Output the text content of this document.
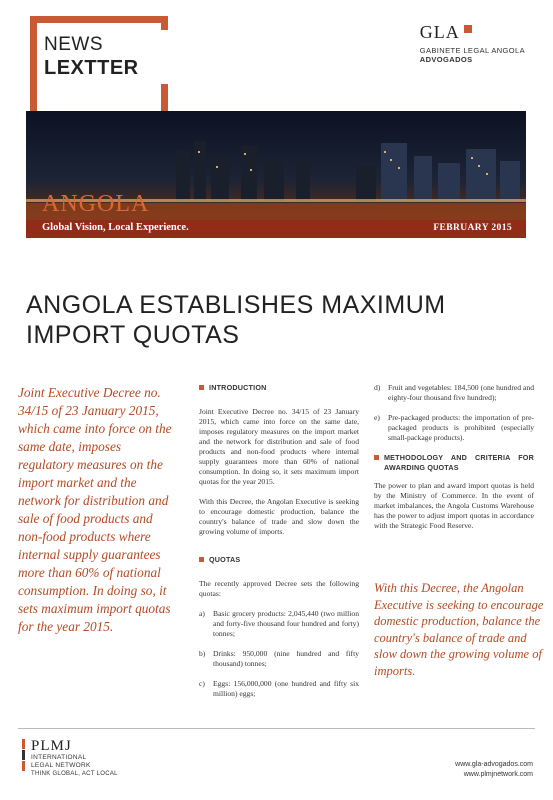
NEWS
LEXTTER
GLA
GABINETE LEGAL ANGOLA
ADVOGADOS
ANGOLA
Global Vision, Local Experience.	FEBRUARY 2015
ANGOLA ESTABLISHES MAXIMUM
IMPORT QUOTAS
Joint Executive Decree no. 34/15 of 23 January 2015, which came into force on the same date, imposes regulatory measures on the import market and the network for distribution and sale of food products and non-food products where internal supply guarantees more than 60% of national consumption. In doing so, it sets maximum import quotas for the year 2015.
INTRODUCTION

Joint Executive Decree no. 34/15 of 23 January 2015, which came into force on the same date, imposes regulatory measures on the import market and the network for distribution and sale of food products and non-food products where internal supply guarantees more than 60% of national consumption. In doing so, it sets maximum import quotas for the year 2015.

With this Decree, the Angolan Executive is seeking to encourage domestic production, balance the country's balance of trade and slow down the growing volume of imports.

QUOTAS

The recently approved Decree sets the following quotas:

a)	Basic grocery products: 2,045,440 (two million and forty-five thousand four hundred and forty) tonnes;
b)	Drinks: 950,000 (nine hundred and fifty thousand) tonnes;
c)	Eggs: 156,000,000 (one hundred and fifty six million) eggs;
d)	Fruit and vegetables: 184,500 (one hundred and eighty-four thousand five hundred);
e)	Pre-packaged products: the importation of pre-packaged products is prohibited (especially small-package products).
METHODOLOGY AND CRITERIA FOR AWARDING QUOTAS

The power to plan and award import quotas is held by the Ministry of Commerce. In the event of market imbalances, the Angola Customs Warehouse has the power to adjust import quotas in accordance with the Strategic Food Reserve.

With this Decree, the Angolan Executive is seeking to encourage domestic production, balance the country's balance of trade and slow down the growing volume of imports.
PLMJ
INTERNATIONAL
LEGAL NETWORK
THINK GLOBAL, ACT LOCAL
www.gla-advogados.com
www.plmjnetwork.com
